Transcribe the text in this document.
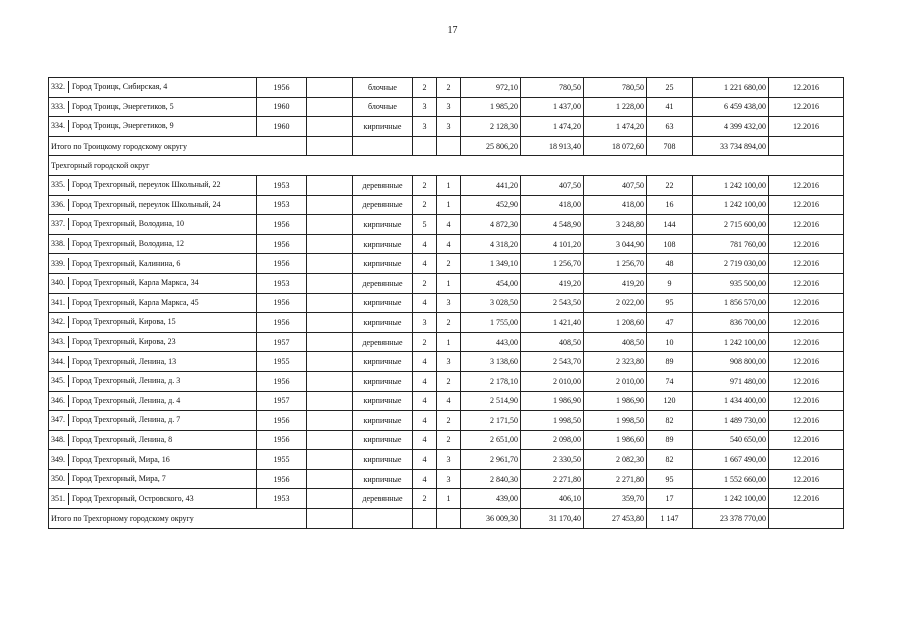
17
332. Город Троицк, Сибирская, 4	1956		блочные	2	2	972,10	780,50	780,50	25	1 221 680,00	12.2016
333. Город Троицк, Энергетиков, 5	1960		блочные	3	3	1 985,20	1 437,00	1 228,00	41	6 459 438,00	12.2016
334. Город Троицк, Энергетиков, 9	1960		кирпичные	3	3	2 128,30	1 474,20	1 474,20	63	4 399 432,00	12.2016
Итого по Троицкому городскому округу						25 806,20	18 913,40	18 072,60	708	33 734 894,00	
Трехгорный городской округ											
335. Город Трехгорный, переулок Школьный, 22	1953		деревянные	2	1	441,20	407,50	407,50	22	1 242 100,00	12.2016
336. Город Трехгорный, переулок Школьный, 24	1953		деревянные	2	1	452,90	418,00	418,00	16	1 242 100,00	12.2016
337. Город Трехгорный, Володина, 10	1956		кирпичные	5	4	4 872,30	4 548,90	3 248,80	144	2 715 600,00	12.2016
338. Город Трехгорный, Володина, 12	1956		кирпичные	4	4	4 318,20	4 101,20	3 044,90	108	781 760,00	12.2016
339. Город Трехгорный, Калинина, 6	1956		кирпичные	4	2	1 349,10	1 256,70	1 256,70	48	2 719 030,00	12.2016
340. Город Трехгорный, Карла Маркса, 34	1953		деревянные	2	1	454,00	419,20	419,20	9	935 500,00	12.2016
341. Город Трехгорный, Карла Маркса, 45	1956		кирпичные	4	3	3 028,50	2 543,50	2 022,00	95	1 856 570,00	12.2016
342. Город Трехгорный, Кирова, 15	1956		кирпичные	3	2	1 755,00	1 421,40	1 208,60	47	836 700,00	12.2016
343. Город Трехгорный, Кирова, 23	1957		деревянные	2	1	443,00	408,50	408,50	10	1 242 100,00	12.2016
344. Город Трехгорный, Ленина, 13	1955		кирпичные	4	3	3 138,60	2 543,70	2 323,80	89	908 800,00	12.2016
345. Город Трехгорный, Ленина, д. 3	1956		кирпичные	4	2	2 178,10	2 010,00	2 010,00	74	971 480,00	12.2016
346. Город Трехгорный, Ленина, д. 4	1957		кирпичные	4	4	2 514,90	1 986,90	1 986,90	120	1 434 400,00	12.2016
347. Город Трехгорный, Ленина, д. 7	1956		кирпичные	4	2	2 171,50	1 998,50	1 998,50	82	1 489 730,00	12.2016
348. Город Трехгорный, Ленина, 8	1956		кирпичные	4	2	2 651,00	2 098,00	1 986,60	89	540 650,00	12.2016
349. Город Трехгорный, Мира, 16	1955		кирпичные	4	3	2 961,70	2 330,50	2 082,30	82	1 667 490,00	12.2016
350. Город Трехгорный, Мира, 7	1956		кирпичные	4	3	2 840,30	2 271,80	2 271,80	95	1 552 660,00	12.2016
351. Город Трехгорный, Островского, 43	1953		деревянные	2	1	439,00	406,10	359,70	17	1 242 100,00	12.2016
Итого по Трехгорному городскому округу						36 009,30	31 170,40	27 453,80	1 147	23 378 770,00	
